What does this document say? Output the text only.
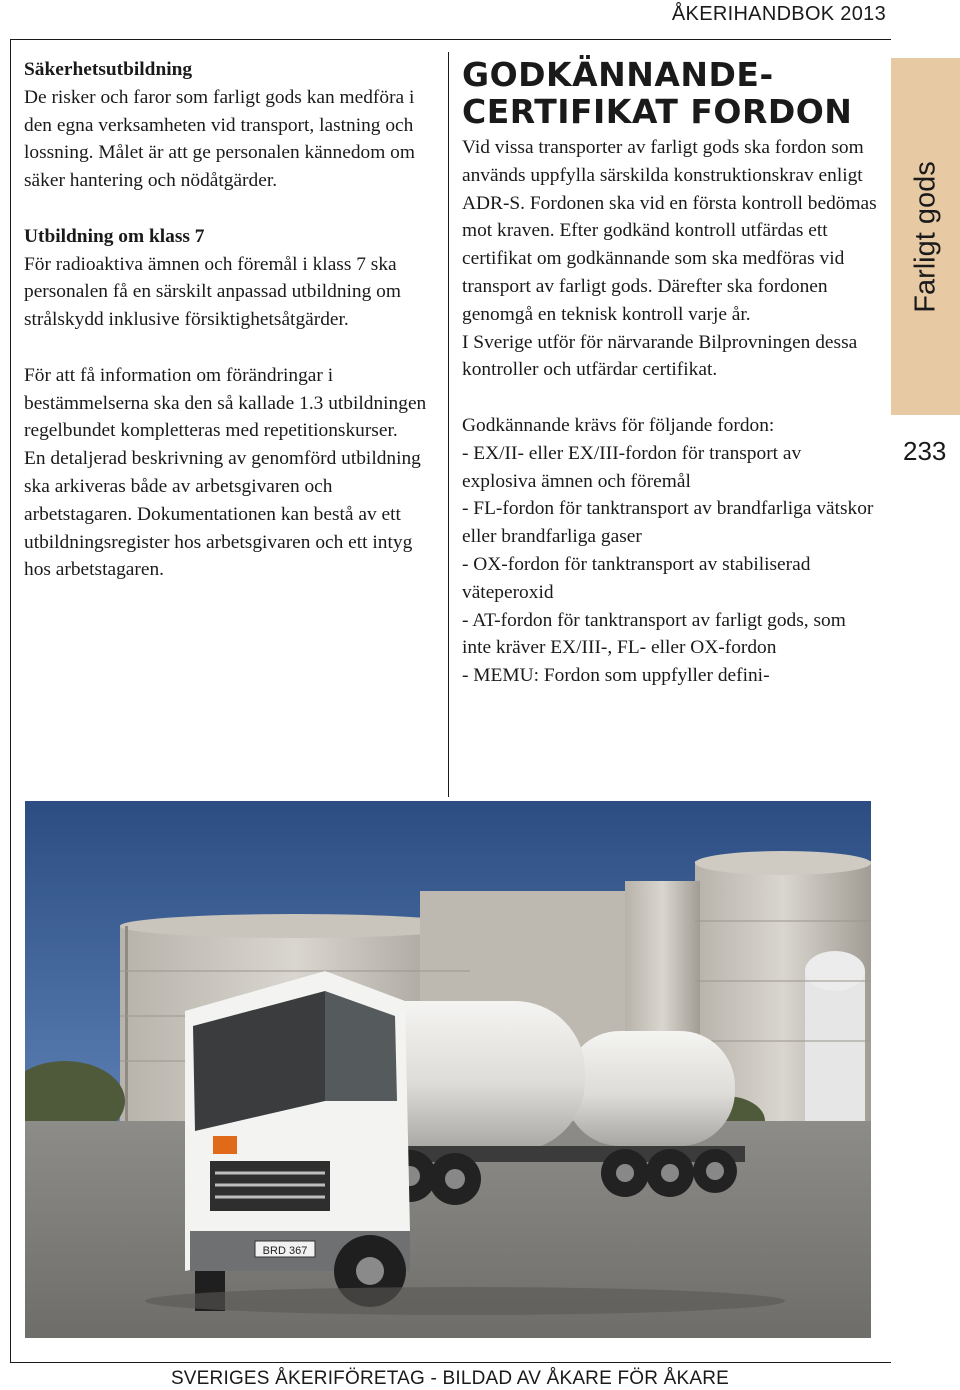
ÅKERIHANDBOK 2013

Säkerhetsutbildning

De risker och faror som farligt gods kan medföra i den egna verksamheten vid transport, lastning och lossning. Målet är att ge personalen kännedom om säker hantering och nödåtgärder.

Utbildning om klass 7

För radioaktiva ämnen och föremål i klass 7 ska personalen få en särskilt anpassad utbildning om strålskydd inklusive försiktighetsåtgärder.

För att få information om förändringar i bestämmelserna ska den så kallade 1.3 utbildningen regelbundet kompletteras med repetitionskurser.

En detaljerad beskrivning av genomförd utbildning ska arkiveras både av arbetsgivaren och arbetstagaren. Dokumentationen kan bestå av ett utbildningsregister hos arbetsgivaren och ett intyg hos arbetstagaren.

GODKÄNNANDE-
CERTIFIKAT FORDON

Vid vissa transporter av farligt gods ska fordon som används uppfylla särskilda konstruktionskrav enligt ADR-S. Fordonen ska vid en första kontroll bedömas mot kraven. Efter godkänd kontroll utfärdas ett certifikat om godkännande som ska medföras vid transport av farligt gods. Därefter ska fordonen genomgå en teknisk kontroll varje år.

I Sverige utför för närvarande Bilprovningen dessa kontroller och utfärdar certifikat.

Godkännande krävs för följande fordon:

- EX/II- eller EX/III-fordon för transport av explosiva ämnen och föremål

- FL-fordon för tanktransport av brandfarliga vätskor eller brandfarliga gaser

- OX-fordon för tanktransport av stabiliserad väteperoxid

- AT-fordon för tanktransport av farligt gods, som inte kräver EX/III-, FL- eller OX-fordon

- MEMU: Fordon som uppfyller defini-

Farligt gods
233
BRD 367
SVERIGES ÅKERIFÖRETAG - BILDAD AV ÅKARE FÖR ÅKARE
